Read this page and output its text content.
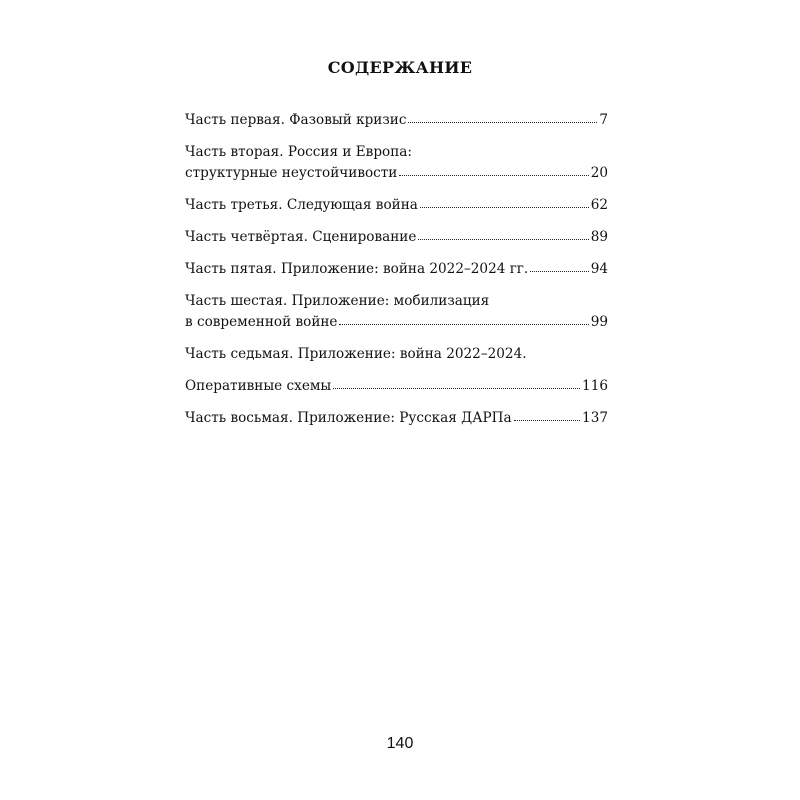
СОДЕРЖАНИЕ
Часть первая. Фазовый кризис	7
Часть вторая. Россия и Европа:
структурные неустойчивости	20
Часть третья. Следующая война	62
Часть четвёртая. Сценирование	89
Часть пятая. Приложение: война 2022–2024 гг.	94
Часть шестая. Приложение: мобилизация
в современной войне	99
Часть седьмая. Приложение: война 2022–2024.
Оперативные схемы	116
Часть восьмая. Приложение: Русская ДАРПа	137
140
